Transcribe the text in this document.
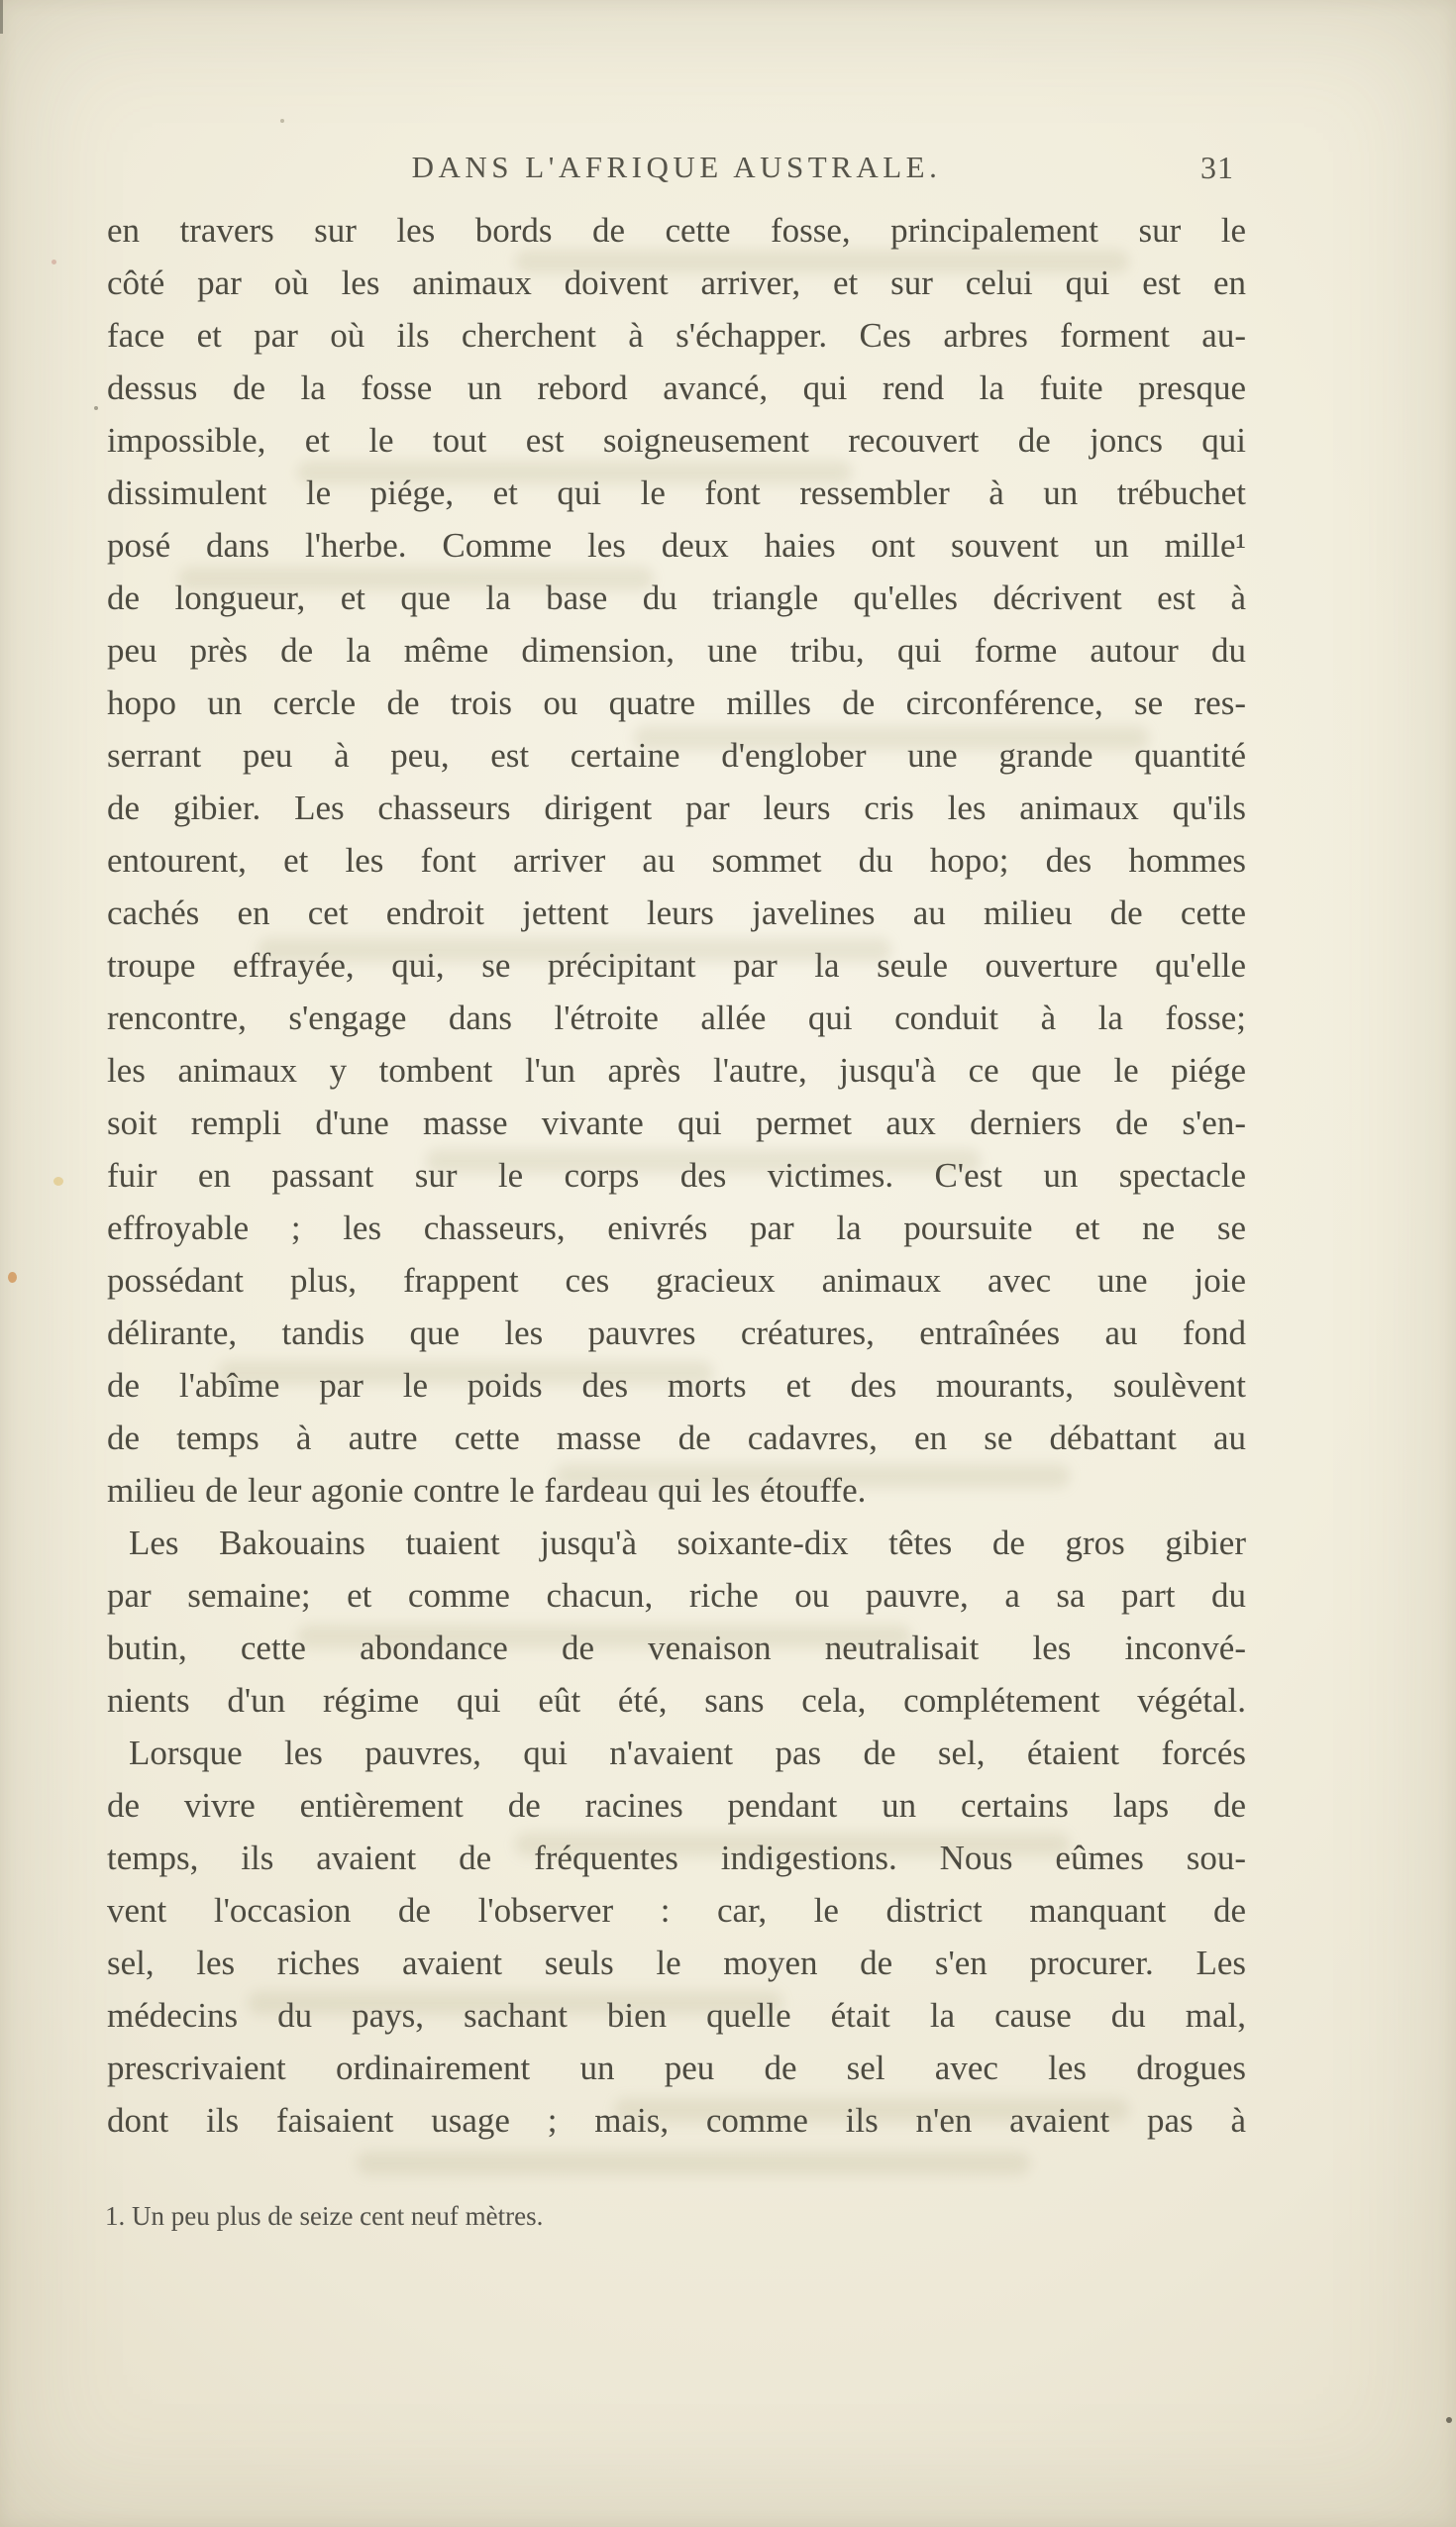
DANS L'AFRIQUE AUSTRALE.	31
en travers sur les bords de cette fosse, principalement sur le
côté par où les animaux doivent arriver, et sur celui qui est en
face et par où ils cherchent à s'échapper. Ces arbres forment au-
dessus de la fosse un rebord avancé, qui rend la fuite presque
impossible, et le tout est soigneusement recouvert de joncs qui
dissimulent le piége, et qui le font ressembler à un trébuchet
posé dans l'herbe. Comme les deux haies ont souvent un mille¹
de longueur, et que la base du triangle qu'elles décrivent est à
peu près de la même dimension, une tribu, qui forme autour du
hopo un cercle de trois ou quatre milles de circonférence, se res-
serrant peu à peu, est certaine d'englober une grande quantité
de gibier. Les chasseurs dirigent par leurs cris les animaux qu'ils
entourent, et les font arriver au sommet du hopo; des hommes
cachés en cet endroit jettent leurs javelines au milieu de cette
troupe effrayée, qui, se précipitant par la seule ouverture qu'elle
rencontre, s'engage dans l'étroite allée qui conduit à la fosse;
les animaux y tombent l'un après l'autre, jusqu'à ce que le piége
soit rempli d'une masse vivante qui permet aux derniers de s'en-
fuir en passant sur le corps des victimes. C'est un spectacle
effroyable ; les chasseurs, enivrés par la poursuite et ne se
possédant plus, frappent ces gracieux animaux avec une joie
délirante, tandis que les pauvres créatures, entraînées au fond
de l'abîme par le poids des morts et des mourants, soulèvent
de temps à autre cette masse de cadavres, en se débattant au
milieu de leur agonie contre le fardeau qui les étouffe.
Les Bakouains tuaient jusqu'à soixante-dix têtes de gros gibier
par semaine; et comme chacun, riche ou pauvre, a sa part du
butin, cette abondance de venaison neutralisait les inconvé-
nients d'un régime qui eût été, sans cela, complétement végétal.
Lorsque les pauvres, qui n'avaient pas de sel, étaient forcés
de vivre entièrement de racines pendant un certains laps de
temps, ils avaient de fréquentes indigestions. Nous eûmes sou-
vent l'occasion de l'observer : car, le district manquant de
sel, les riches avaient seuls le moyen de s'en procurer. Les
médecins du pays, sachant bien quelle était la cause du mal,
prescrivaient ordinairement un peu de sel avec les drogues
dont ils faisaient usage ; mais, comme ils n'en avaient pas à
1. Un peu plus de seize cent neuf mètres.
